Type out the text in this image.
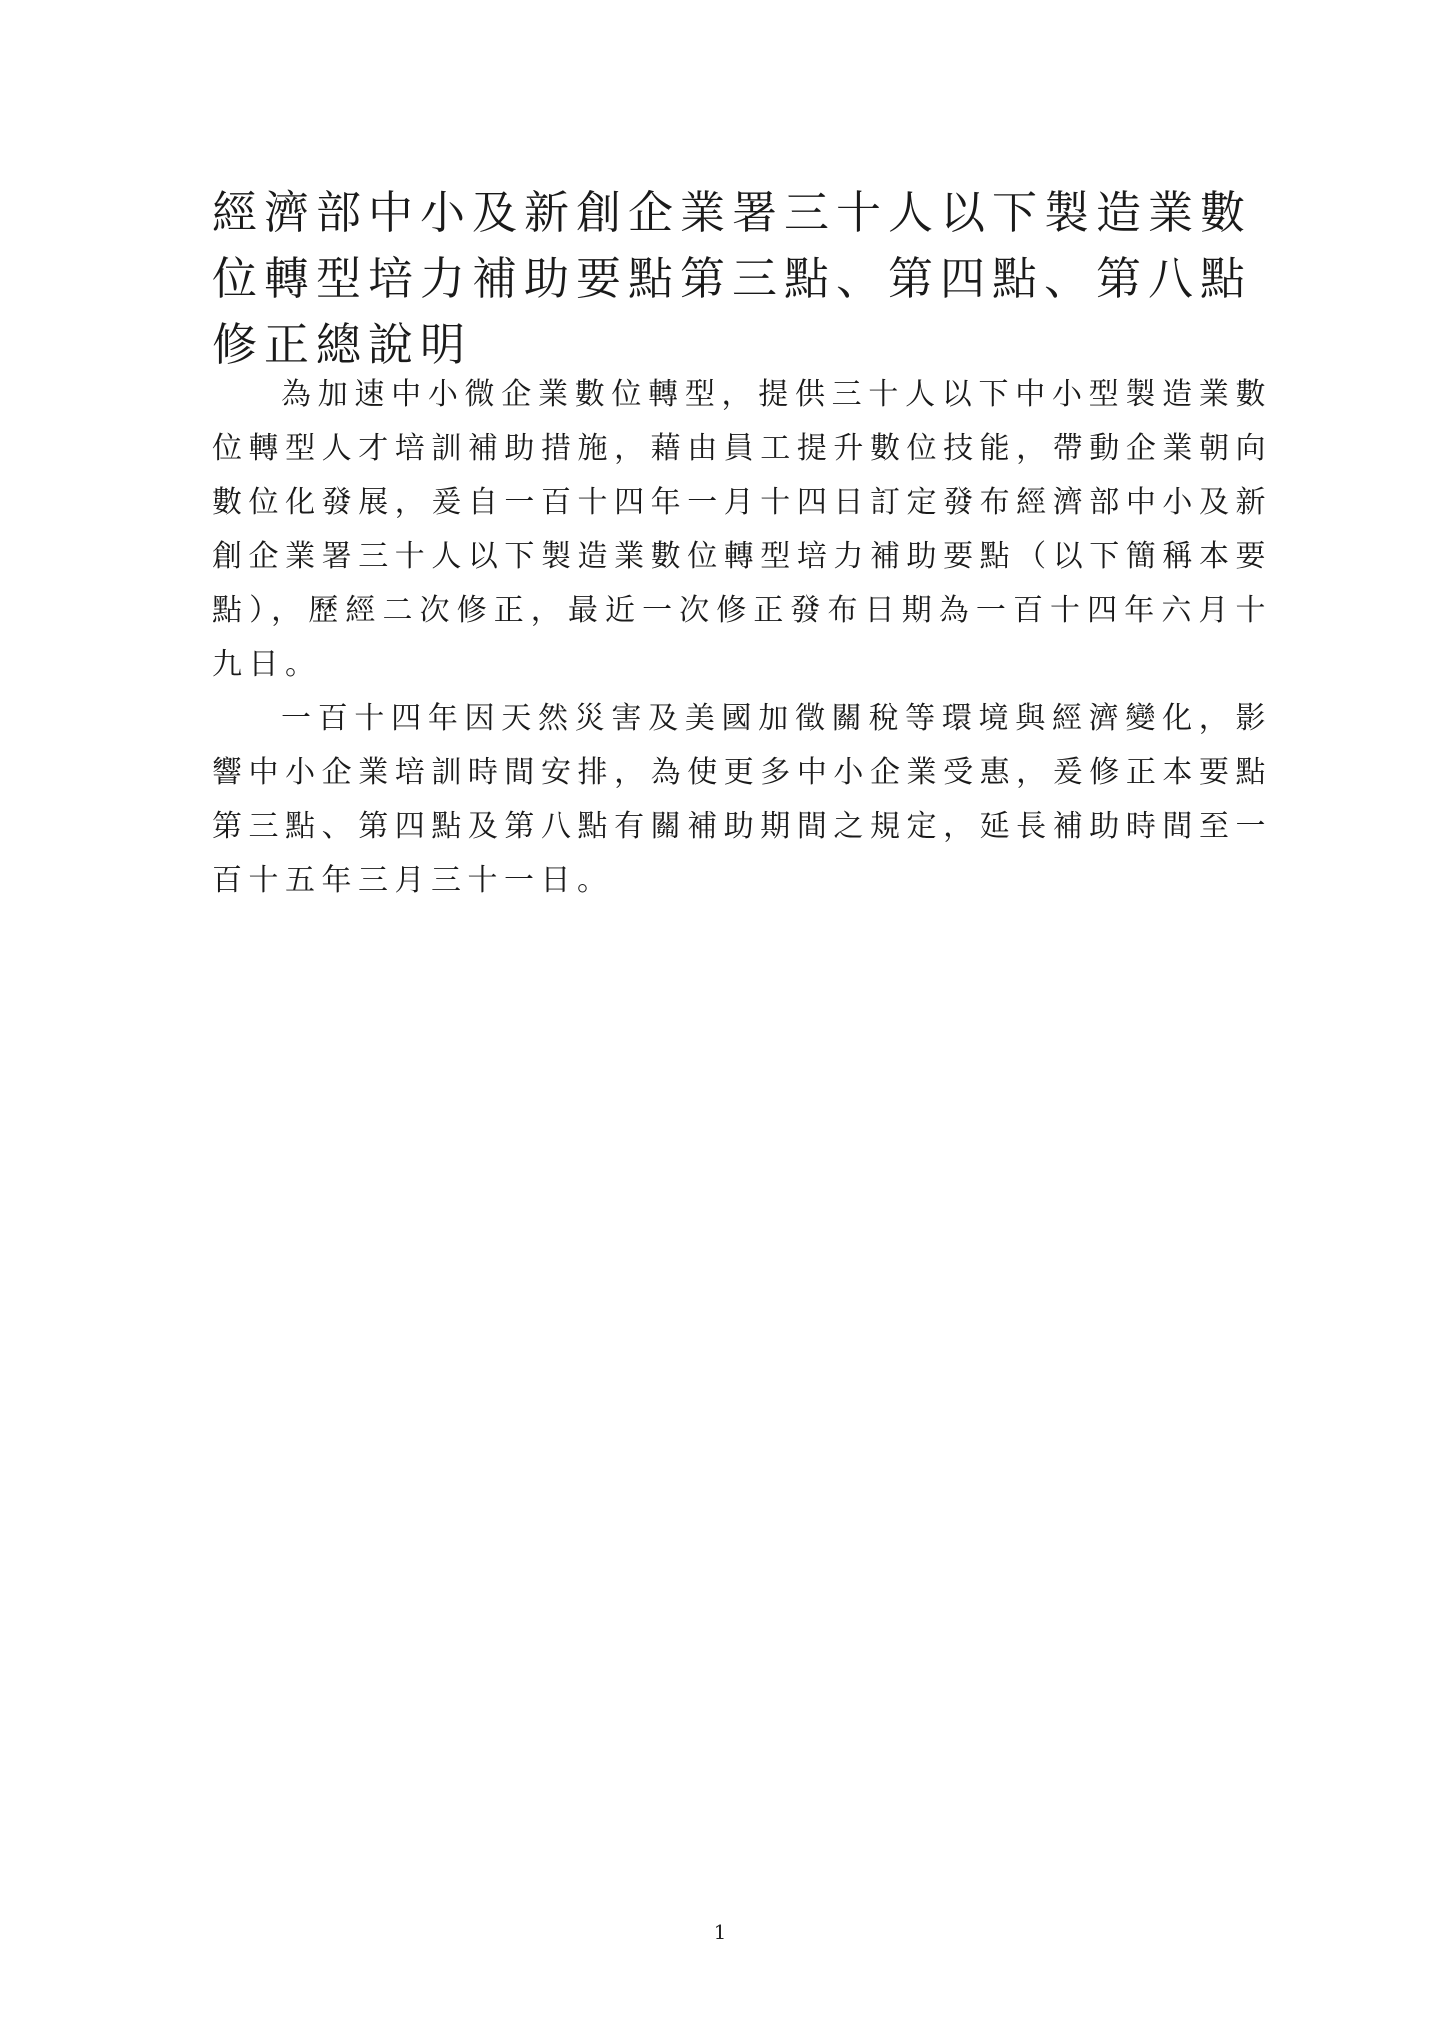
經濟部中小及新創企業署三十人以下製造業數位轉型培力補助要點第三點、第四點、第八點修正總說明

為加速中小微企業數位轉型，提供三十人以下中小型製造業數位轉型人才培訓補助措施，藉由員工提升數位技能，帶動企業朝向數位化發展，爰自一百十四年一月十四日訂定發布經濟部中小及新創企業署三十人以下製造業數位轉型培力補助要點（以下簡稱本要點），歷經二次修正，最近一次修正發布日期為一百十四年六月十九日。

一百十四年因天然災害及美國加徵關稅等環境與經濟變化，影響中小企業培訓時間安排，為使更多中小企業受惠，爰修正本要點第三點、第四點及第八點有關補助期間之規定，延長補助時間至一百十五年三月三十一日。

1
